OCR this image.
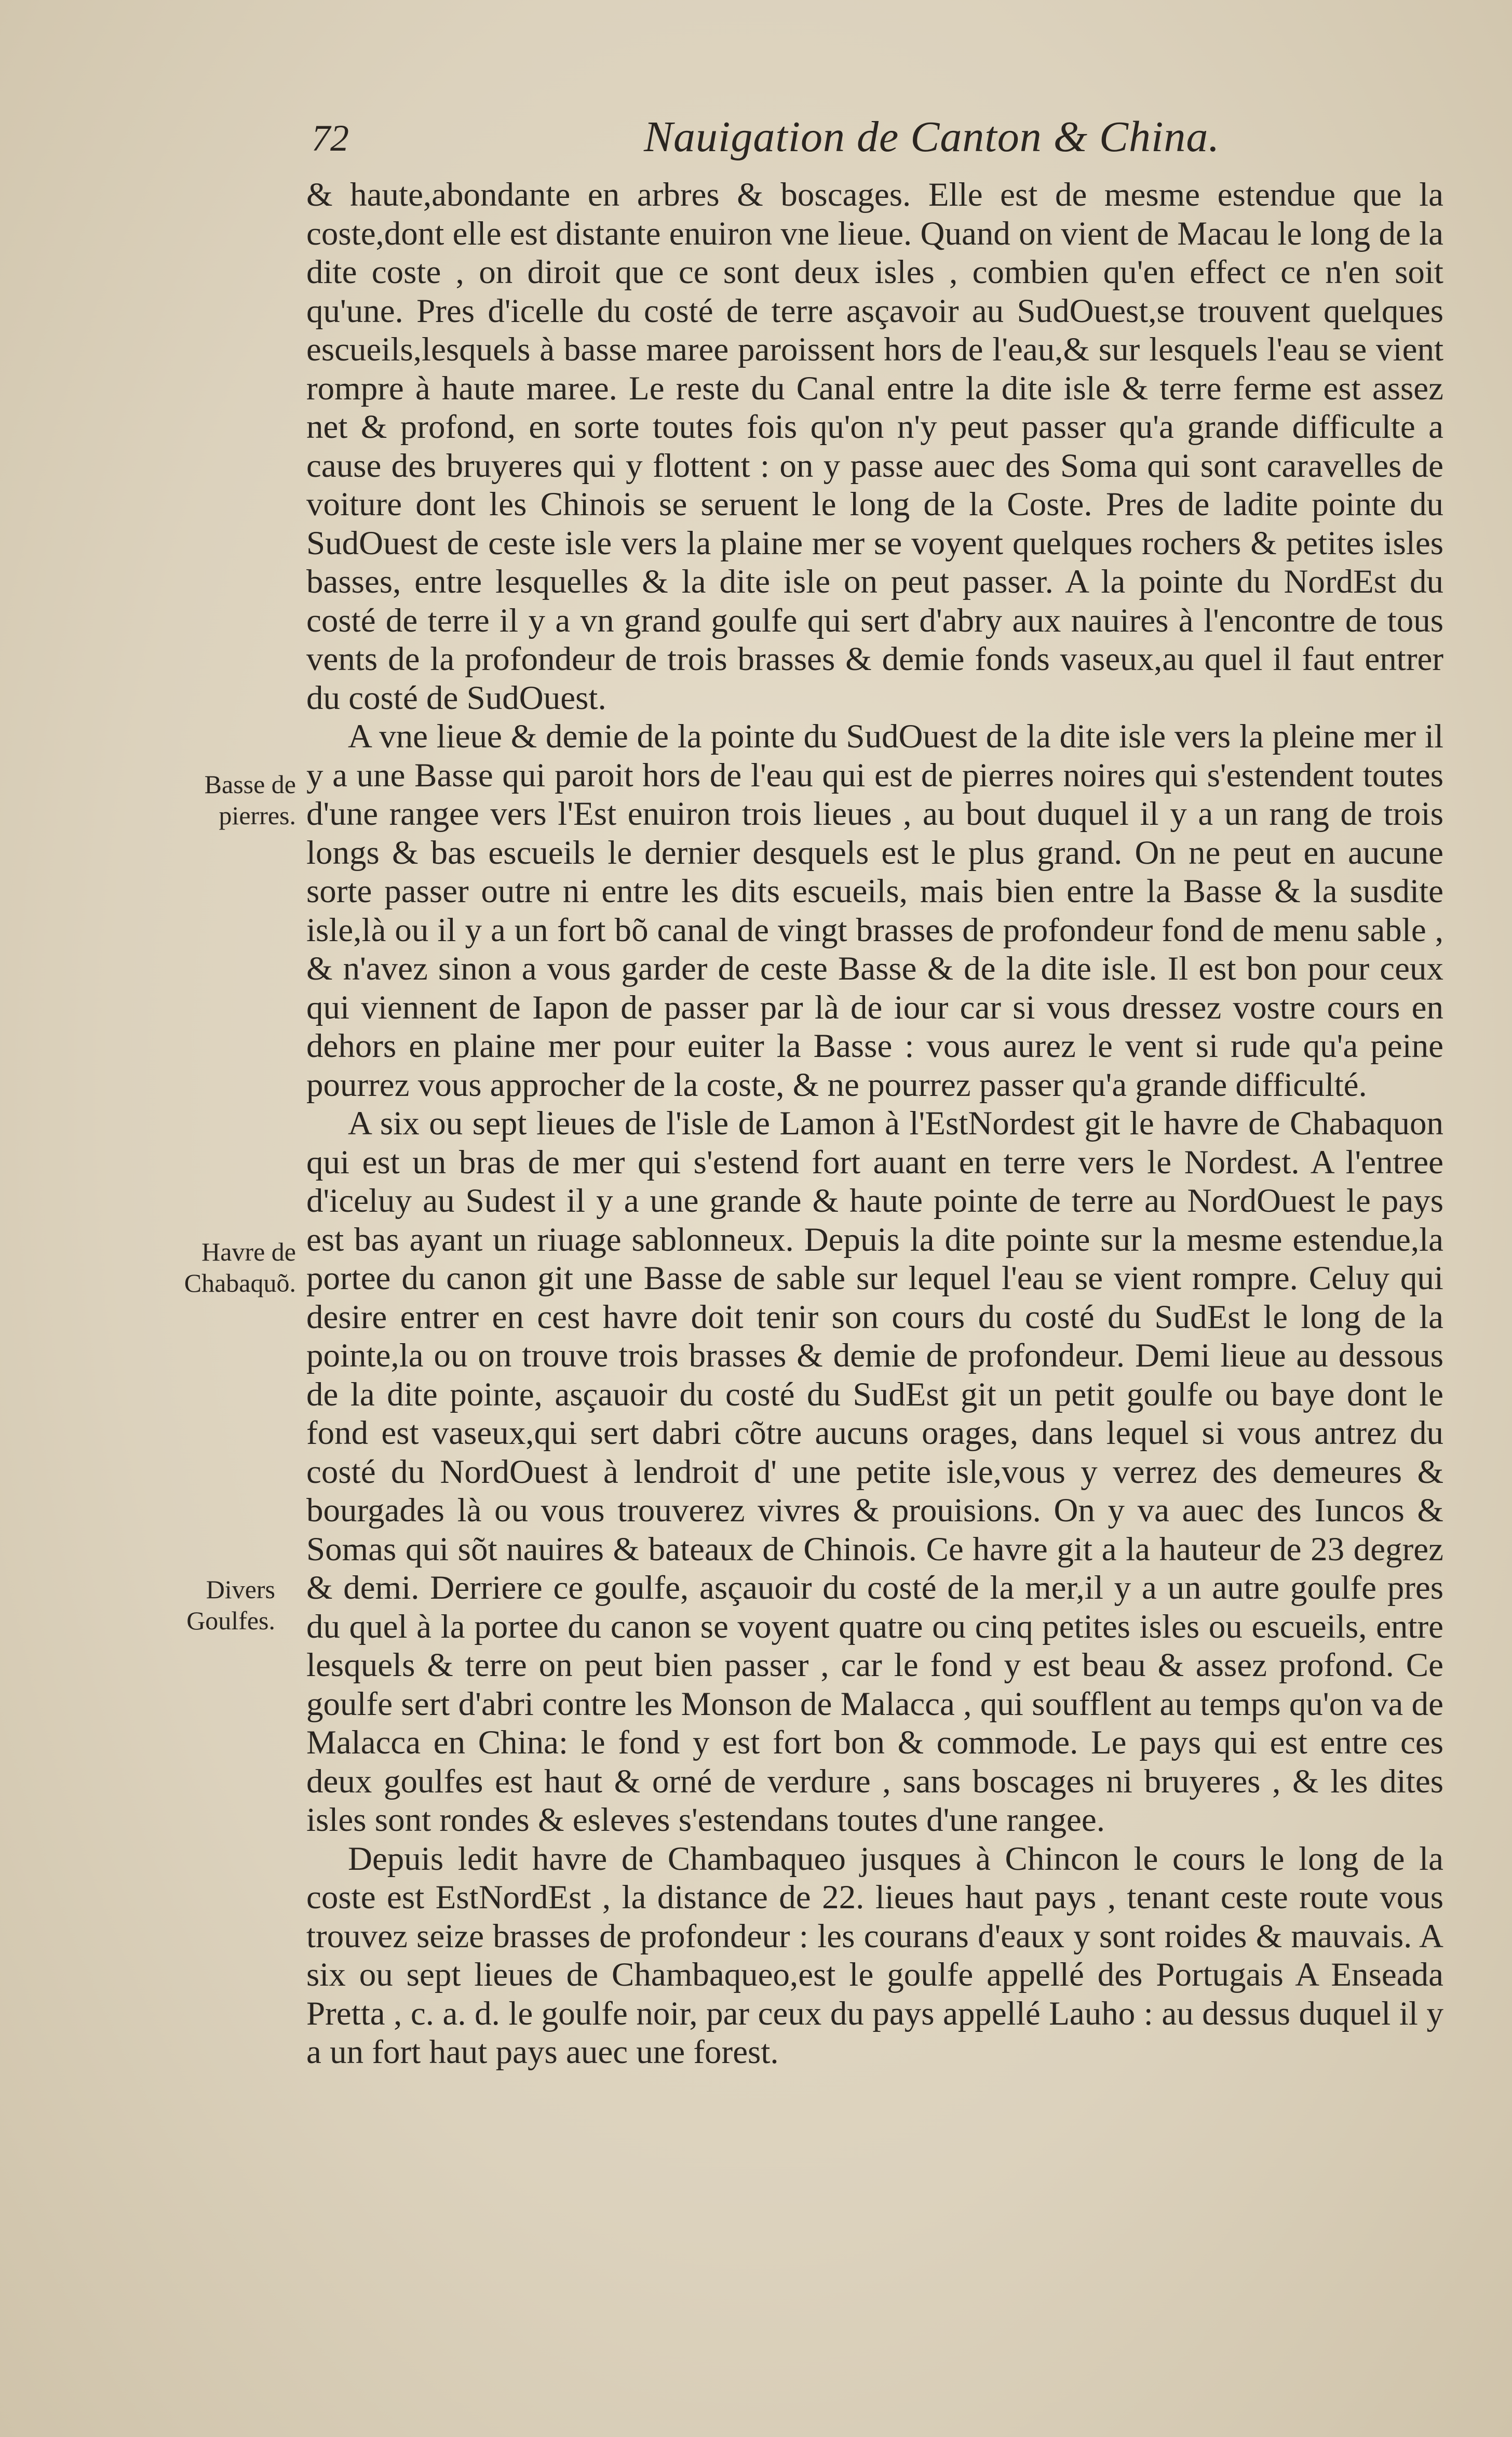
72	Nauigation de Canton & China.

& haute,abondante en arbres & boscages. Elle est de mesme estendue que la coste,dont elle est distante enuiron vne lieue. Quand on vient de Macau le long de la dite coste , on diroit que ce sont deux isles , combien qu'en effect ce n'en soit qu'une. Pres d'icelle du costé de terre asçavoir au SudOuest,se trouvent quelques escueils,lesquels à basse maree paroissent hors de l'eau,& sur lesquels l'eau se vient rompre à haute maree. Le reste du Canal entre la dite isle & terre ferme est assez net & profond, en sorte toutes fois qu'on n'y peut passer qu'a grande difficulte a cause des bruyeres qui y flottent : on y passe auec des Soma qui sont caravelles de voiture dont les Chinois se seruent le long de la Coste. Pres de ladite pointe du SudOuest de ceste isle vers la plaine mer se voyent quelques rochers & petites isles basses, entre lesquelles & la dite isle on peut passer. A la pointe du NordEst du costé de terre il y a vn grand goulfe qui sert d'abry aux nauires à l'encontre de tous vents de la profondeur de trois brasses & demie fonds vaseux,au quel il faut entrer du costé de SudOuest.

A vne lieue & demie de la pointe du SudOuest de la dite isle vers la pleine mer il y a une Basse qui paroit hors de l'eau qui est de pierres noires qui s'estendent toutes d'une rangee vers l'Est enuiron trois lieues , au bout duquel il y a un rang de trois longs & bas escueils le dernier desquels est le plus grand. On ne peut en aucune sorte passer outre ni entre les dits escueils, mais bien entre la Basse & la susdite isle,là ou il y a un fort bõ canal de vingt brasses de profondeur fond de menu sable , & n'avez sinon a vous garder de ceste Basse & de la dite isle. Il est bon pour ceux qui viennent de Iapon de passer par là de iour car si vous dressez vostre cours en dehors en plaine mer pour euiter la Basse : vous aurez le vent si rude qu'a peine pourrez vous approcher de la coste, & ne pourrez passer qu'a grande difficulté.

A six ou sept lieues de l'isle de Lamon à l'EstNordest git le havre de Chabaquon qui est un bras de mer qui s'estend fort auant en terre vers le Nordest. A l'entree d'iceluy au Sudest il y a une grande & haute pointe de terre au NordOuest le pays est bas ayant un riuage sablonneux. Depuis la dite pointe sur la mesme estendue,la portee du canon git une Basse de sable sur lequel l'eau se vient rompre. Celuy qui desire entrer en cest havre doit tenir son cours du costé du SudEst le long de la pointe,la ou on trouve trois brasses & demie de profondeur. Demi lieue au dessous de la dite pointe, asçauoir du costé du SudEst git un petit goulfe ou baye dont le fond est vaseux,qui sert dabri cõtre aucuns orages, dans lequel si vous antrez du costé du NordOuest à lendroit d' une petite isle,vous y verrez des demeures & bourgades là ou vous trouverez vivres & prouisions. On y va auec des Iuncos & Somas qui sõt nauires & bateaux de Chinois. Ce havre git a la hauteur de 23 degrez & demi. Derriere ce goulfe, asçauoir du costé de la mer,il y a un autre goulfe pres du quel à la portee du canon se voyent quatre ou cinq petites isles ou escueils, entre lesquels & terre on peut bien passer , car le fond y est beau & assez profond. Ce goulfe sert d'abri contre les Monson de Malacca , qui soufflent au temps qu'on va de Malacca en China: le fond y est fort bon & commode. Le pays qui est entre ces deux goulfes est haut & orné de verdure , sans boscages ni bruyeres , & les dites isles sont rondes & esleves s'estendans toutes d'une rangee.

Depuis ledit havre de Chambaqueo jusques à Chincon le cours le long de la coste est EstNordEst , la distance de 22. lieues haut pays , tenant ceste route vous trouvez seize brasses de profondeur : les courans d'eaux y sont roides & mauvais. A six ou sept lieues de Chambaqueo,est le goulfe appellé des Portugais A Enseada Pretta , c. a. d. le goulfe noir, par ceux du pays appellé Lauho : au dessus duquel il y a un fort haut pays auec une forest.

Basse de
pierres.
Havre de
Chabaquõ.
Divers
Goulfes.
